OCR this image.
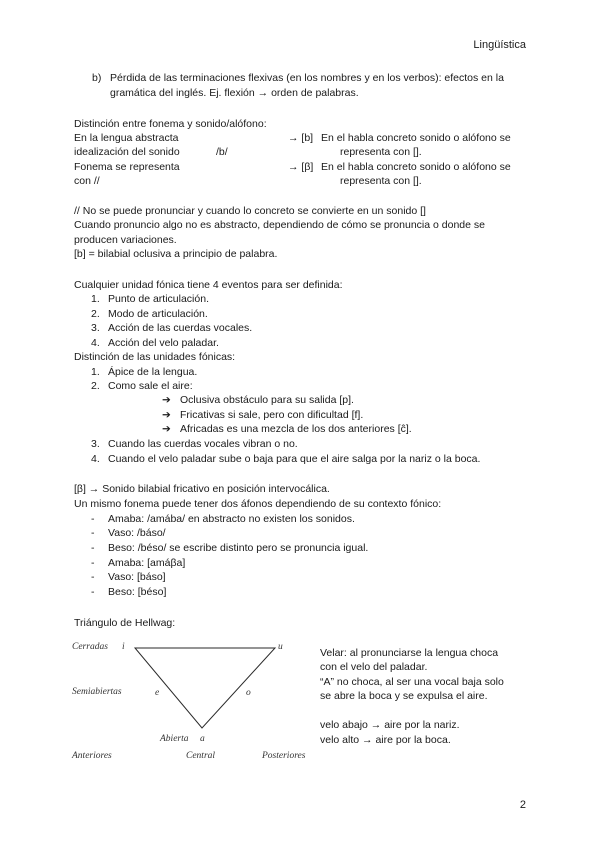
Lingüística
b) Pérdida de las terminaciones flexivas (en los nombres y en los verbos): efectos en la
gramática del inglés. Ej. flexión → orden de palabras.
Distinción entre fonema y sonido/alófono:
En la lengua abstracta
idealización del sonido	/b/
→ [b] En el habla concreto sonido o alófono se
representa con [].
Fonema se representa
con //
→ [β] En el habla concreto sonido o alófono se
representa con [].
// No se puede pronunciar y cuando lo concreto se convierte en un sonido []
Cuando pronuncio algo no es abstracto, dependiendo de cómo se pronuncia o donde se
producen variaciones.
[b] = bilabial oclusiva a principio de palabra.
Cualquier unidad fónica tiene 4 eventos para ser definida:
1. Punto de articulación.
2. Modo de articulación.
3. Acción de las cuerdas vocales.
4. Acción del velo paladar.
Distinción de las unidades fónicas:
1. Ápice de la lengua.
2. Como sale el aire:
➔ Oclusiva obstáculo para su salida [p].
➔ Fricativas si sale, pero con dificultad [f].
➔ Africadas es una mezcla de los dos anteriores [ĉ].
3. Cuando las cuerdas vocales vibran o no.
4. Cuando el velo paladar sube o baja para que el aire salga por la nariz o la boca.
[β] → Sonido bilabial fricativo en posición intervocálica.
Un mismo fonema puede tener dos áfonos dependiendo de su contexto fónico:
- Amaba: /amába/ en abstracto no existen los sonidos.
- Vaso: /báso/
- Beso: /béso/ se escribe distinto pero se pronuncia igual.
- Amaba: [amáβa]
- Vaso: [báso]
- Beso: [béso]
Triángulo de Hellwag:
Cerradas i	u
Semiabiertas	e	o
Abierta a
Anteriores	Central	Posteriores
Velar: al pronunciarse la lengua choca
con el velo del paladar.
“A” no choca, al ser una vocal baja solo
se abre la boca y se expulsa el aire.
velo abajo → aire por la nariz.
velo alto → aire por la boca.
2
